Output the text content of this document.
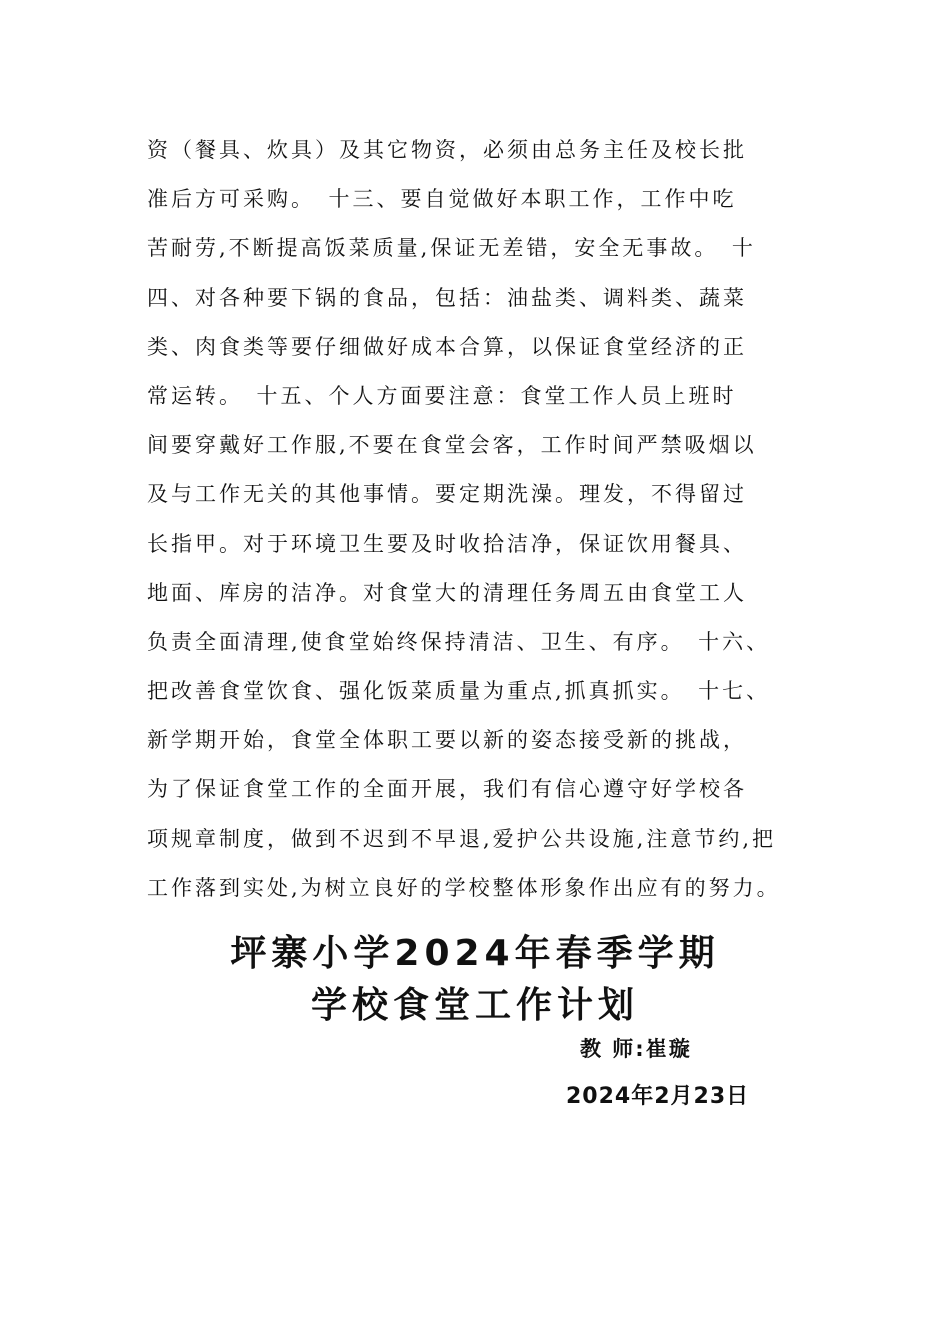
资（餐具、炊具）及其它物资，必须由总务主任及校长批
准后方可采购。　十三、要自觉做好本职工作，工作中吃
苦耐劳,不断提高饭菜质量,保证无差错，安全无事故。　十
四、对各种要下锅的食品，包括：油盐类、调料类、蔬菜
类、肉食类等要仔细做好成本合算，以保证食堂经济的正
常运转。　十五、个人方面要注意：食堂工作人员上班时
间要穿戴好工作服,不要在食堂会客，工作时间严禁吸烟以
及与工作无关的其他事情。要定期洗澡。理发，不得留过
长指甲。对于环境卫生要及时收拾洁净，保证饮用餐具、
地面、库房的洁净。对食堂大的清理任务周五由食堂工人
负责全面清理,使食堂始终保持清洁、卫生、有序。　十六、
把改善食堂饮食、强化饭菜质量为重点,抓真抓实。　十七、
新学期开始，食堂全体职工要以新的姿态接受新的挑战，
为了保证食堂工作的全面开展，我们有信心遵守好学校各
项规章制度，做到不迟到不早退,爱护公共设施,注意节约,把
工作落到实处,为树立良好的学校整体形象作出应有的努力。
坪寨小学2024年春季学期
学校食堂工作计划
教 师:崔璇
2024年2月23日
